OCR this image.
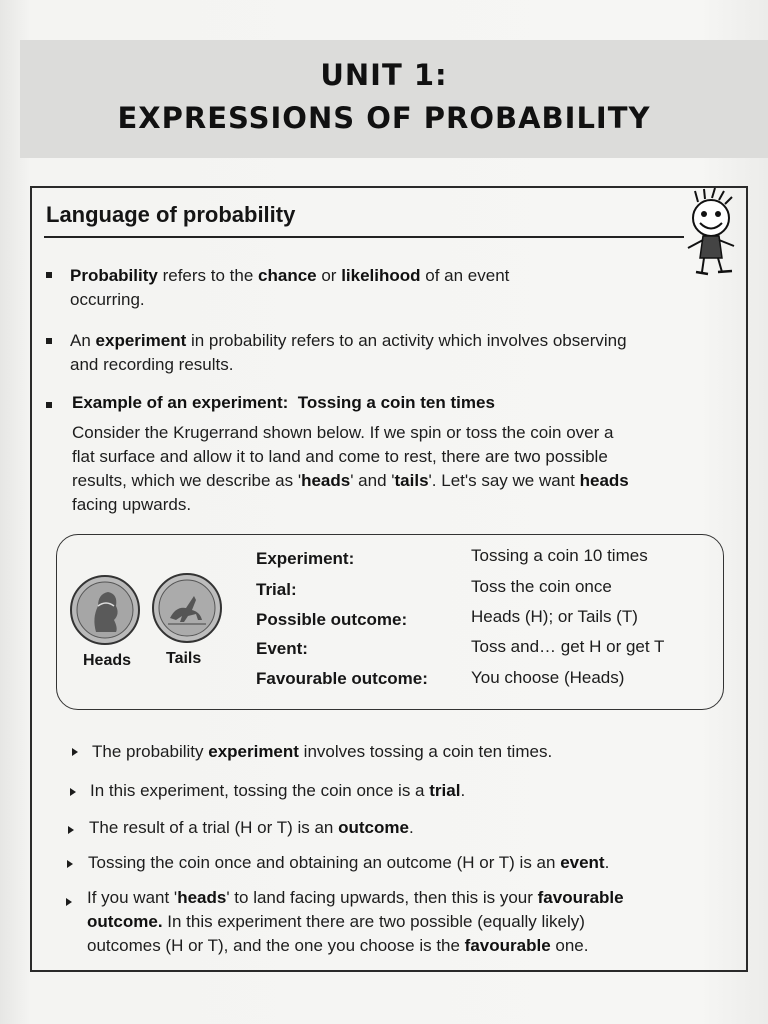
UNIT 1:
EXPRESSIONS OF PROBABILITY
Language of probability
Probability refers to the chance or likelihood of an event
occurring.
An experiment in probability refers to an activity which involves observing
and recording results.
Example of an experiment: Tossing a coin ten times
Consider the Krugerrand shown below. If we spin or toss the coin over a
flat surface and allow it to land and come to rest, there are two possible
results, which we describe as 'heads' and 'tails'. Let's say we want heads
facing upwards.
Heads Tails
Experiment:	Tossing a coin 10 times
Trial:	Toss the coin once
Possible outcome:	Heads (H); or Tails (T)
Event:	Toss and… get H or get T
Favourable outcome:	You choose (Heads)
The probability experiment involves tossing a coin ten times.
In this experiment, tossing the coin once is a trial.
The result of a trial (H or T) is an outcome.
Tossing the coin once and obtaining an outcome (H or T) is an event.
If you want 'heads' to land facing upwards, then this is your favourable
outcome. In this experiment there are two possible (equally likely)
outcomes (H or T), and the one you choose is the favourable one.
